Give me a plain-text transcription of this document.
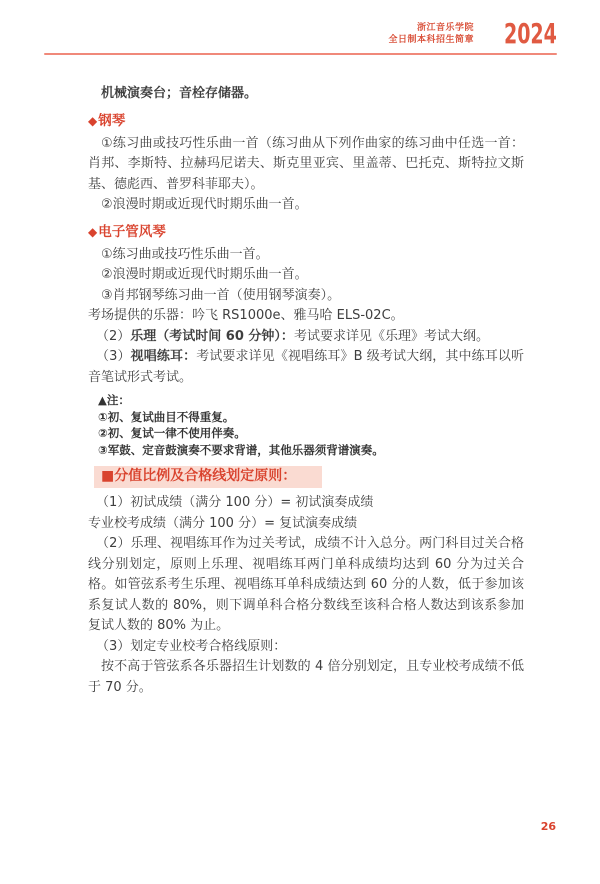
浙江音乐学院
全日制本科招生简章 2024

机械演奏台；音栓存储器。

◆钢琴

①练习曲或技巧性乐曲一首（练习曲从下列作曲家的练习曲中任选一首：肖邦、李斯特、拉赫玛尼诺夫、斯克里亚宾、里盖蒂、巴托克、斯特拉文斯基、德彪西、普罗科菲耶夫）。

②浪漫时期或近现代时期乐曲一首。

◆电子管风琴

①练习曲或技巧性乐曲一首。

②浪漫时期或近现代时期乐曲一首。

③肖邦钢琴练习曲一首（使用钢琴演奏）。

考场提供的乐器：吟飞 RS1000e、雅马哈 ELS-02C。

（2）乐理（考试时间 60 分钟）：考试要求详见《乐理》考试大纲。

（3）视唱练耳：考试要求详见《视唱练耳》B 级考试大纲，其中练耳以听音笔试形式考试。

▲注：

①初、复试曲目不得重复。

②初、复试一律不使用伴奏。

③军鼓、定音鼓演奏不要求背谱，其他乐器须背谱演奏。

■分值比例及合格线划定原则：

（1）初试成绩（满分 100 分）= 初试演奏成绩

专业校考成绩（满分 100 分）= 复试演奏成绩

（2）乐理、视唱练耳作为过关考试，成绩不计入总分。两门科目过关合格线分别划定，原则上乐理、视唱练耳两门单科成绩均达到 60 分为过关合格。如管弦系考生乐理、视唱练耳单科成绩达到 60 分的人数，低于参加该系复试人数的 80%，则下调单科合格分数线至该科合格人数达到该系参加复试人数的 80% 为止。

（3）划定专业校考合格线原则：

按不高于管弦系各乐器招生计划数的 4 倍分别划定，且专业校考成绩不低于 70 分。

26
